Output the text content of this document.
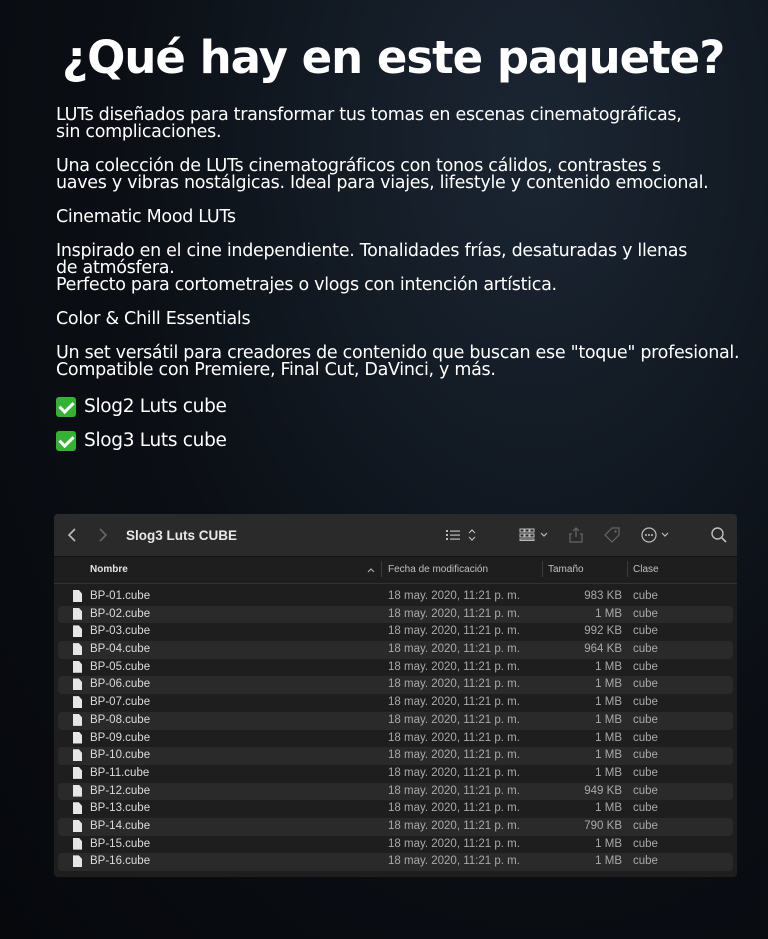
¿Qué hay en este paquete?

LUTs diseñados para transformar tus tomas en escenas cinematográficas,
sin complicaciones.

Una colección de LUTs cinematográficos con tonos cálidos, contrastes s
uaves y vibras nostálgicas. Ideal para viajes, lifestyle y contenido emocional.

Cinematic Mood LUTs

Inspirado en el cine independiente. Tonalidades frías, desaturadas y llenas
de atmósfera.
Perfecto para cortometrajes o vlogs con intención artística.

Color & Chill Essentials

Un set versátil para creadores de contenido que buscan ese "toque" profesional.
Compatible con Premiere, Final Cut, DaVinci, y más.

Slog2 Luts cube
Slog3 Luts cube
Slog3 Luts CUBE
Nombre	Fecha de modificación	Tamaño	Clase
BP-01.cube	18 may. 2020, 11:21 p. m.	983 KB cube
BP-02.cube	18 may. 2020, 11:21 p. m.	1 MB cube
BP-03.cube	18 may. 2020, 11:21 p. m.	992 KB cube
BP-04.cube	18 may. 2020, 11:21 p. m.	964 KB cube
BP-05.cube	18 may. 2020, 11:21 p. m.	1 MB cube
BP-06.cube	18 may. 2020, 11:21 p. m.	1 MB cube
BP-07.cube	18 may. 2020, 11:21 p. m.	1 MB cube
BP-08.cube	18 may. 2020, 11:21 p. m.	1 MB cube
BP-09.cube	18 may. 2020, 11:21 p. m.	1 MB cube
BP-10.cube	18 may. 2020, 11:21 p. m.	1 MB cube
BP-11.cube	18 may. 2020, 11:21 p. m.	1 MB cube
BP-12.cube	18 may. 2020, 11:21 p. m.	949 KB cube
BP-13.cube	18 may. 2020, 11:21 p. m.	1 MB cube
BP-14.cube	18 may. 2020, 11:21 p. m.	790 KB cube
BP-15.cube	18 may. 2020, 11:21 p. m.	1 MB cube
BP-16.cube	18 may. 2020, 11:21 p. m.	1 MB cube
